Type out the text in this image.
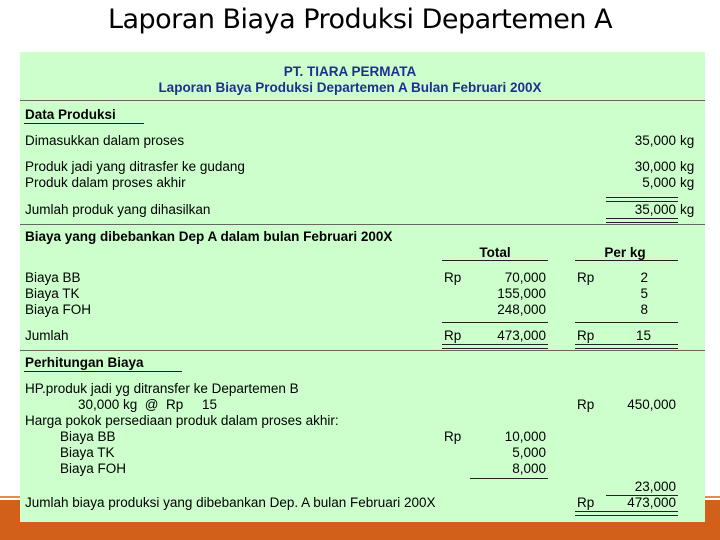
Laporan Biaya Produksi Departemen A
PT. TIARA PERMATA
Laporan Biaya Produksi Departemen A Bulan Februari 200X
Data Produksi
Dimasukkan dalam proses	35,000 kg
Produk jadi yang ditrasfer ke gudang	30,000 kg
Produk dalam proses akhir	5,000 kg
Jumlah produk yang dihasilkan	35,000 kg
Biaya yang dibebankan Dep A dalam bulan Februari 200X
Total	Per kg
Biaya BB	Rp	70,000 Rp	2
Biaya TK	155,000	5
Biaya FOH	248,000	8
Jumlah	Rp	473,000 Rp	15
Perhitungan Biaya
HP.produk jadi yg ditransfer ke Departemen B
30,000 kg  @  Rp     15	Rp	450,000
Harga pokok persediaan produk dalam proses akhir:
Biaya BB	Rp	10,000
Biaya TK	5,000
Biaya FOH	8,000
23,000
Jumlah biaya produksi yang dibebankan Dep. A bulan Februari 200X	Rp	473,000
